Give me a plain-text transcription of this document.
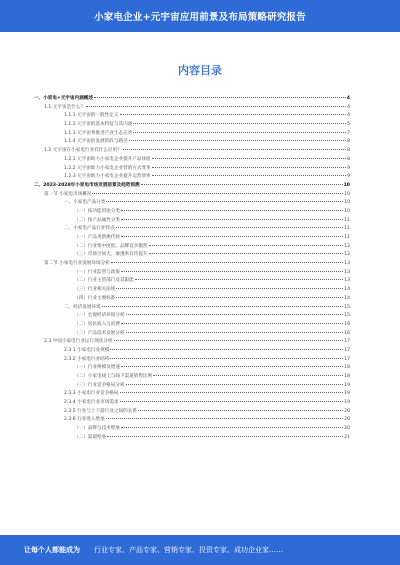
小家电企业+元宇宙应用前景及布局策略研究报告
内容目录
一、小家电+元宇宙内涵概述	4
1.1 元宇宙是什么？	4
1.1.1 元宇宙的一般性定义	4
1.1.2 元宇宙的基本特征与其内涵	5
1.1.3 元宇宙将推进产业生态完善	7
1.1.4 元宇宙的发展阶段与路径	8
1.2 元宇宙在小家电行业有什么应用？	8
1.2.1 元宇宙助力小家电企业提升产品体验	8
1.2.2 元宇宙助力小家电企业营销方式变革	9
1.2.3 元宇宙助力小家电企业提升运营效率	9
二、2023-2028年小家电市场发展前景及趋势预测	10
第一节 小家电市场概况	10
一、小家电产品分类	10
（一）按功能用途分类	10
（二）按产品属性分类	11
二、小家电产品行业特点	11
（一）产品更新换代快	11
（二）行业集中度低，品牌竞争激烈	12
（三）市场空间大，渗透率有待提升	12
第二节 小家电行业发展环境分析	13
（一）行业监管与政策	13
（二）行业主管部门及其职能	13
（三）行业相关法规	14
（四）行业主要标准	14
二、经济发展环境	15
（一）宏观经济环境分析	15
（二）居民收入与消费	16
（三）产品技术发展分析	16
2.3 中国小家电行业运行现状分析	17
2.3.1 小家电行业规模	17
2.3.2 小家电行业结构	17
（一）行业规模及增速	18
（二）小家电线上与线下渠道销售比例	18
（三）行业竞争格局分析	19
2.3.3 小家电行业竞争格局	19
2.3.4 小家电行业市场需求	19
2.3.5 行业与上下游行业之间的关系	20
2.3.6 行业进入壁垒	20
（一）品牌与技术壁垒	20
（二）渠道壁垒	21
让每个人都能成为 行业专家、产品专家、营销专家、投资专家、成功企业家……
